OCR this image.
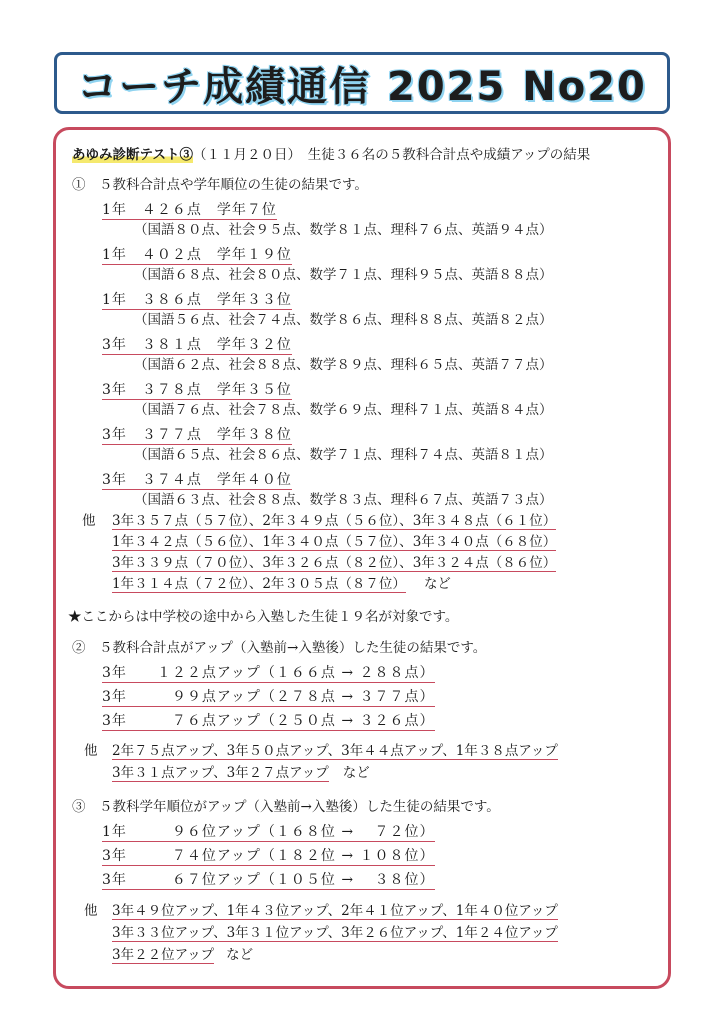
コーチ成績通信 2025 No20
あゆみ診断テスト③（１１月２０日）　生徒３６名の５教科合計点や成績アップの結果
①　５教科合計点や学年順位の生徒の結果です。
1年　４２６点　学年７位
（国語８０点、社会９５点、数学８１点、理科７６点、英語９４点）
1年　４０２点　学年１９位
（国語６８点、社会８０点、数学７１点、理科９５点、英語８８点）
1年　３８６点　学年３３位
（国語５６点、社会７４点、数学８６点、理科８８点、英語８２点）
3年　３８１点　学年３２位
（国語６２点、社会８８点、数学８９点、理科６５点、英語７７点）
3年　３７８点　学年３５位
（国語７６点、社会７８点、数学６９点、理科７１点、英語８４点）
3年　３７７点　学年３８位
（国語６５点、社会８６点、数学７１点、理科７４点、英語８１点）
3年　３７４点　学年４０位
（国語６３点、社会８８点、数学８３点、理科６７点、英語７３点）
他 3年３５７点（５７位）、2年３４９点（５６位）、3年３４８点（６１位）
1年３４２点（５６位）、1年３４０点（５７位）、3年３４０点（６８位）
3年３３９点（７０位）、3年３２６点（８２位）、3年３２４点（８６位）
1年３１４点（７２位）、2年３０５点（８７位） など
★ここからは中学校の途中から入塾した生徒１９名が対象です。
②　５教科合計点がアップ（入塾前→入塾後）した生徒の結果です。
3年　　１２２点アップ（１６６点 → ２８８点）
3年　　　９９点アップ（２７８点 → ３７７点）
3年　　　７６点アップ（２５０点 → ３２６点）
他 2年７５点アップ、3年５０点アップ、3年４４点アップ、1年３８点アップ
3年３１点アップ、3年２７点アップ など
③　５教科学年順位がアップ（入塾前→入塾後）した生徒の結果です。
1年　　　９６位アップ（１６８位 →　 ７２位）
3年　　　７４位アップ（１８２位 → １０８位）
3年　　　６７位アップ（１０５位 →　 ３８位）
他 3年４９位アップ、1年４３位アップ、2年４１位アップ、1年４０位アップ
3年３３位アップ、3年３１位アップ、3年２６位アップ、1年２４位アップ
3年２２位アップ など
